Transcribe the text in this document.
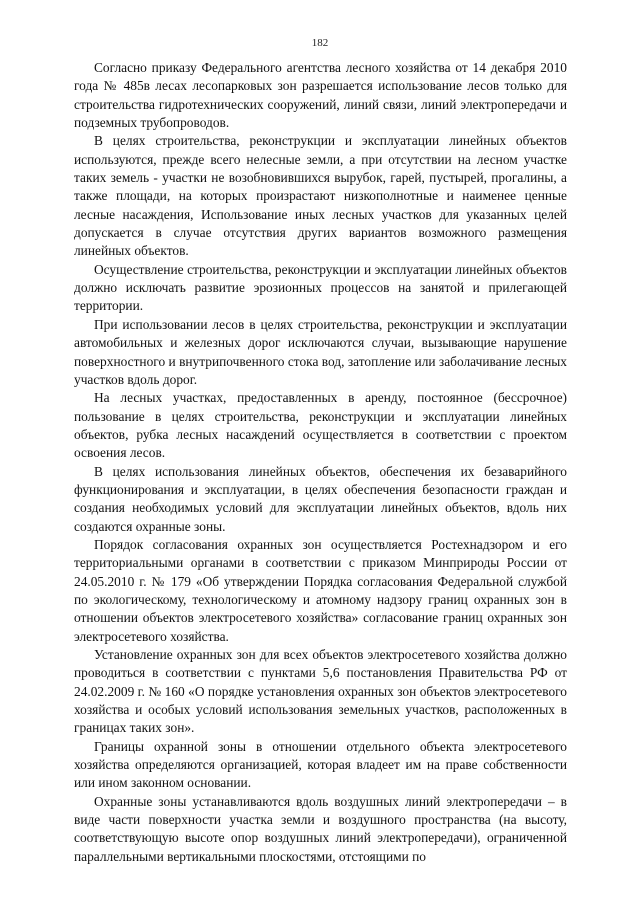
182

Согласно приказу Федерального агентства лесного хозяйства от 14 декабря 2010 года № 485в лесах лесопарковых зон разрешается использование лесов только для строительства гидротехнических сооружений, линий связи, линий электропередачи и подземных трубопроводов.

В целях строительства, реконструкции и эксплуатации линейных объектов используются, прежде всего нелесные земли, а при отсутствии на лесном участке таких земель - участки не возобновившихся вырубок, гарей, пустырей, прогалины, а также площади, на которых произрастают низкополнотные и наименее ценные лесные насаждения, Использование иных лесных участков для указанных целей допускается в случае отсутствия других вариантов возможного размещения линейных объектов.

Осуществление строительства, реконструкции и эксплуатации линейных объектов должно исключать развитие эрозионных процессов на занятой и прилегающей территории.

При использовании лесов в целях строительства, реконструкции и эксплуатации автомобильных и железных дорог исключаются случаи, вызывающие нарушение поверхностного и внутрипочвенного стока вод, затопление или заболачивание лесных участков вдоль дорог.

На лесных участках, предоставленных в аренду, постоянное (бессрочное) пользование в целях строительства, реконструкции и эксплуатации линейных объектов, рубка лесных насаждений осуществляется в соответствии с проектом освоения лесов.

В целях использования линейных объектов, обеспечения их безаварийного функционирования и эксплуатации, в целях обеспечения безопасности граждан и создания необходимых условий для эксплуатации линейных объектов, вдоль них создаются охранные зоны.

Порядок согласования охранных зон осуществляется Ростехнадзором и его территориальными органами в соответствии с приказом Минприроды России от 24.05.2010 г. № 179 «Об утверждении Порядка согласования Федеральной службой по экологическому, технологическому и атомному надзору границ охранных зон в отношении объектов электросетевого хозяйства» согласование границ охранных зон электросетевого хозяйства.

Установление охранных зон для всех объектов электросетевого хозяйства должно проводиться в соответствии с пунктами 5,6 постановления Правительства РФ от 24.02.2009 г. № 160 «О порядке установления охранных зон объектов электросетевого хозяйства и особых условий использования земельных участков, расположенных в границах таких зон».

Границы охранной зоны в отношении отдельного объекта электросетевого хозяйства определяются организацией, которая владеет им на праве собственности или ином законном основании.

Охранные зоны устанавливаются вдоль воздушных линий электропередачи – в виде части поверхности участка земли и воздушного пространства (на высоту, соответствующую высоте опор воздушных линий электропередачи), ограниченной параллельными вертикальными плоскостями, отстоящими по
